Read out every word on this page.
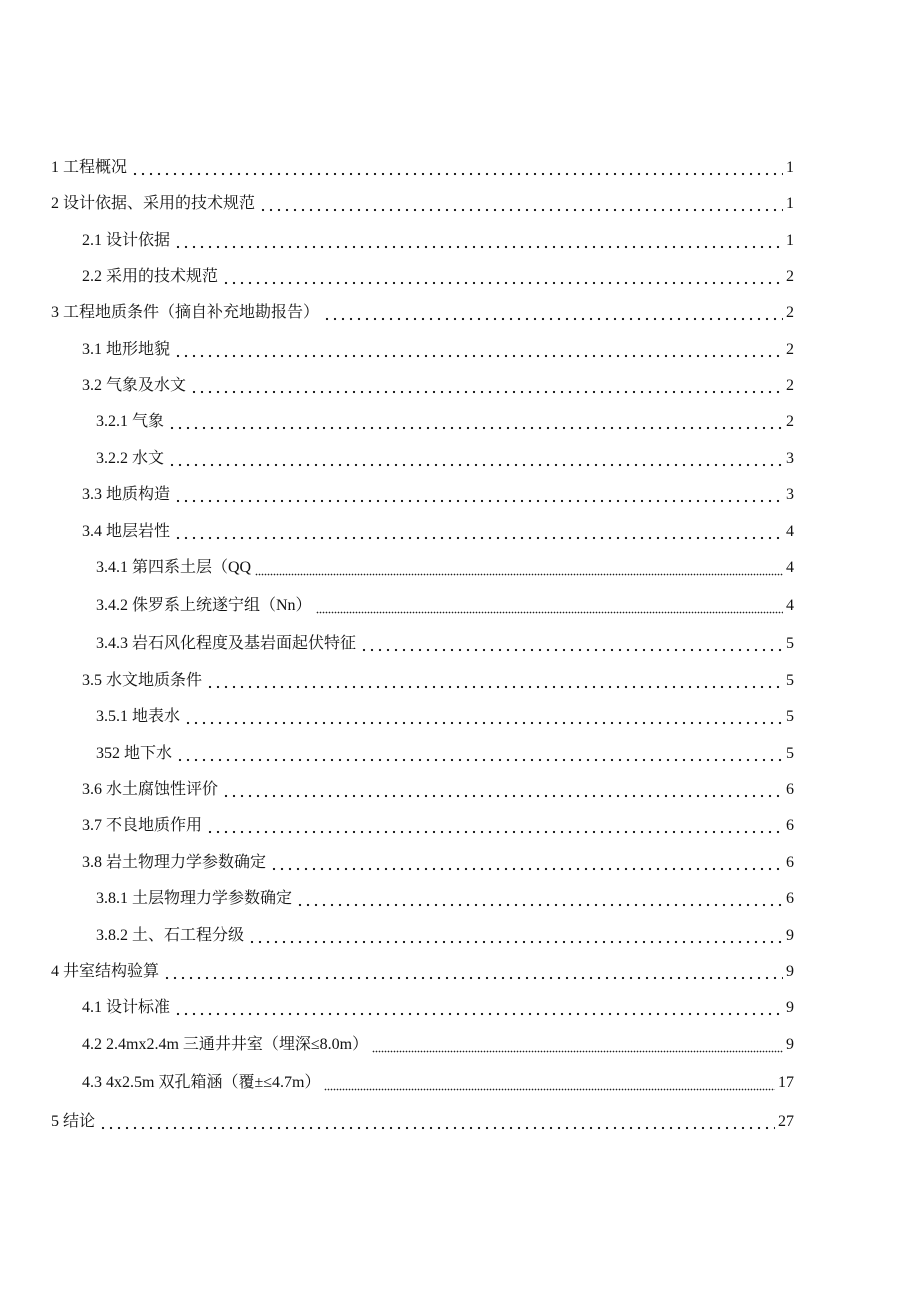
1 工程概况	1
2 设计依据、采用的技术规范	1
2.1 设计依据	1
2.2 采用的技术规范	2
3 工程地质条件（摘自补充地勘报告）	2
3.1 地形地貌	2
3.2 气象及水文	2
3.2.1 气象	2
3.2.2 水文	3
3.3 地质构造	3
3.4 地层岩性	4
3.4.1 第四系土层（QQ	4
3.4.2 侏罗系上统遂宁组（Nn）	4
3.4.3 岩石风化程度及基岩面起伏特征	5
3.5 水文地质条件	5
3.5.1 地表水	5
352 地下水	5
3.6 水土腐蚀性评价	6
3.7 不良地质作用	6
3.8 岩土物理力学参数确定	6
3.8.1 土层物理力学参数确定	6
3.8.2 土、石工程分级	9
4 井室结构验算	9
4.1 设计标准	9
4.2 2.4mx2.4m 三通井井室（埋深≤8.0m）	9
4.3 4x2.5m 双孔箱涵（覆±≤4.7m）	17
5 结论	27
